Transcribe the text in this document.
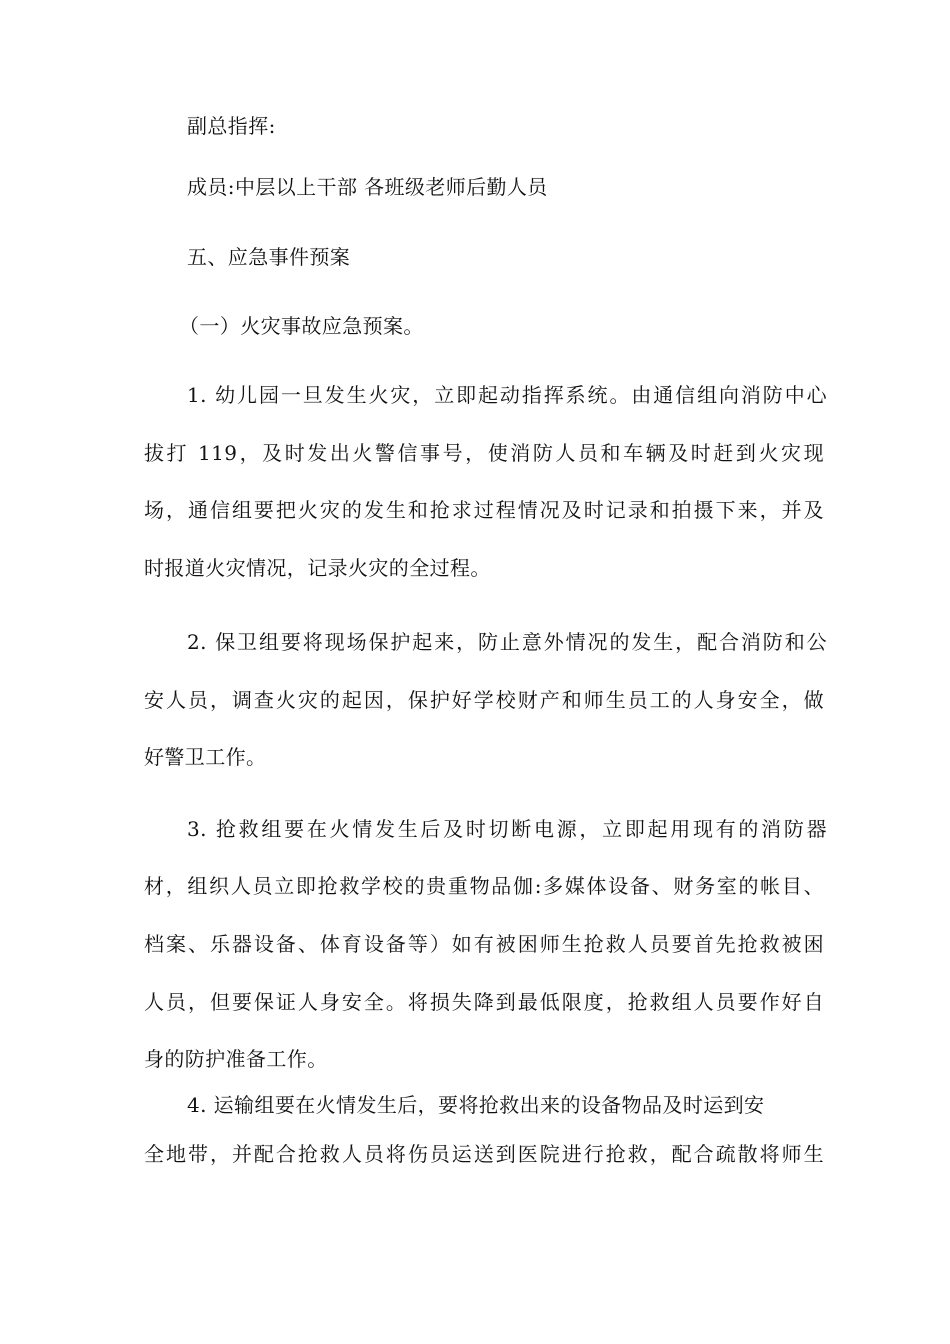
副总指挥:
成员:中层以上干部 各班级老师后勤人员
五、应急事件预案
（一）火灾事故应急预案。
1. 幼儿园一旦发生火灾，立即起动指挥系统。由通信组向消防中心
拔打 119，及时发出火警信事号，使消防人员和车辆及时赶到火灾现
场，通信组要把火灾的发生和抢求过程情况及时记录和拍摄下来，并及
时报道火灾情况，记录火灾的全过程。
2. 保卫组要将现场保护起来，防止意外情况的发生，配合消防和公
安人员，调查火灾的起因，保护好学校财产和师生员工的人身安全，做
好警卫工作。
3. 抢救组要在火情发生后及时切断电源，立即起用现有的消防器
材，组织人员立即抢救学校的贵重物品伽:多媒体设备、财务室的帐目、
档案、乐器设备、体育设备等）如有被困师生抢救人员要首先抢救被困
人员，但要保证人身安全。将损失降到最低限度，抢救组人员要作好自
身的防护准备工作。
4. 运输组要在火情发生后，要将抢救出来的设备物品及时运到安
全地带，并配合抢救人员将伤员运送到医院进行抢救，配合疏散将师生
